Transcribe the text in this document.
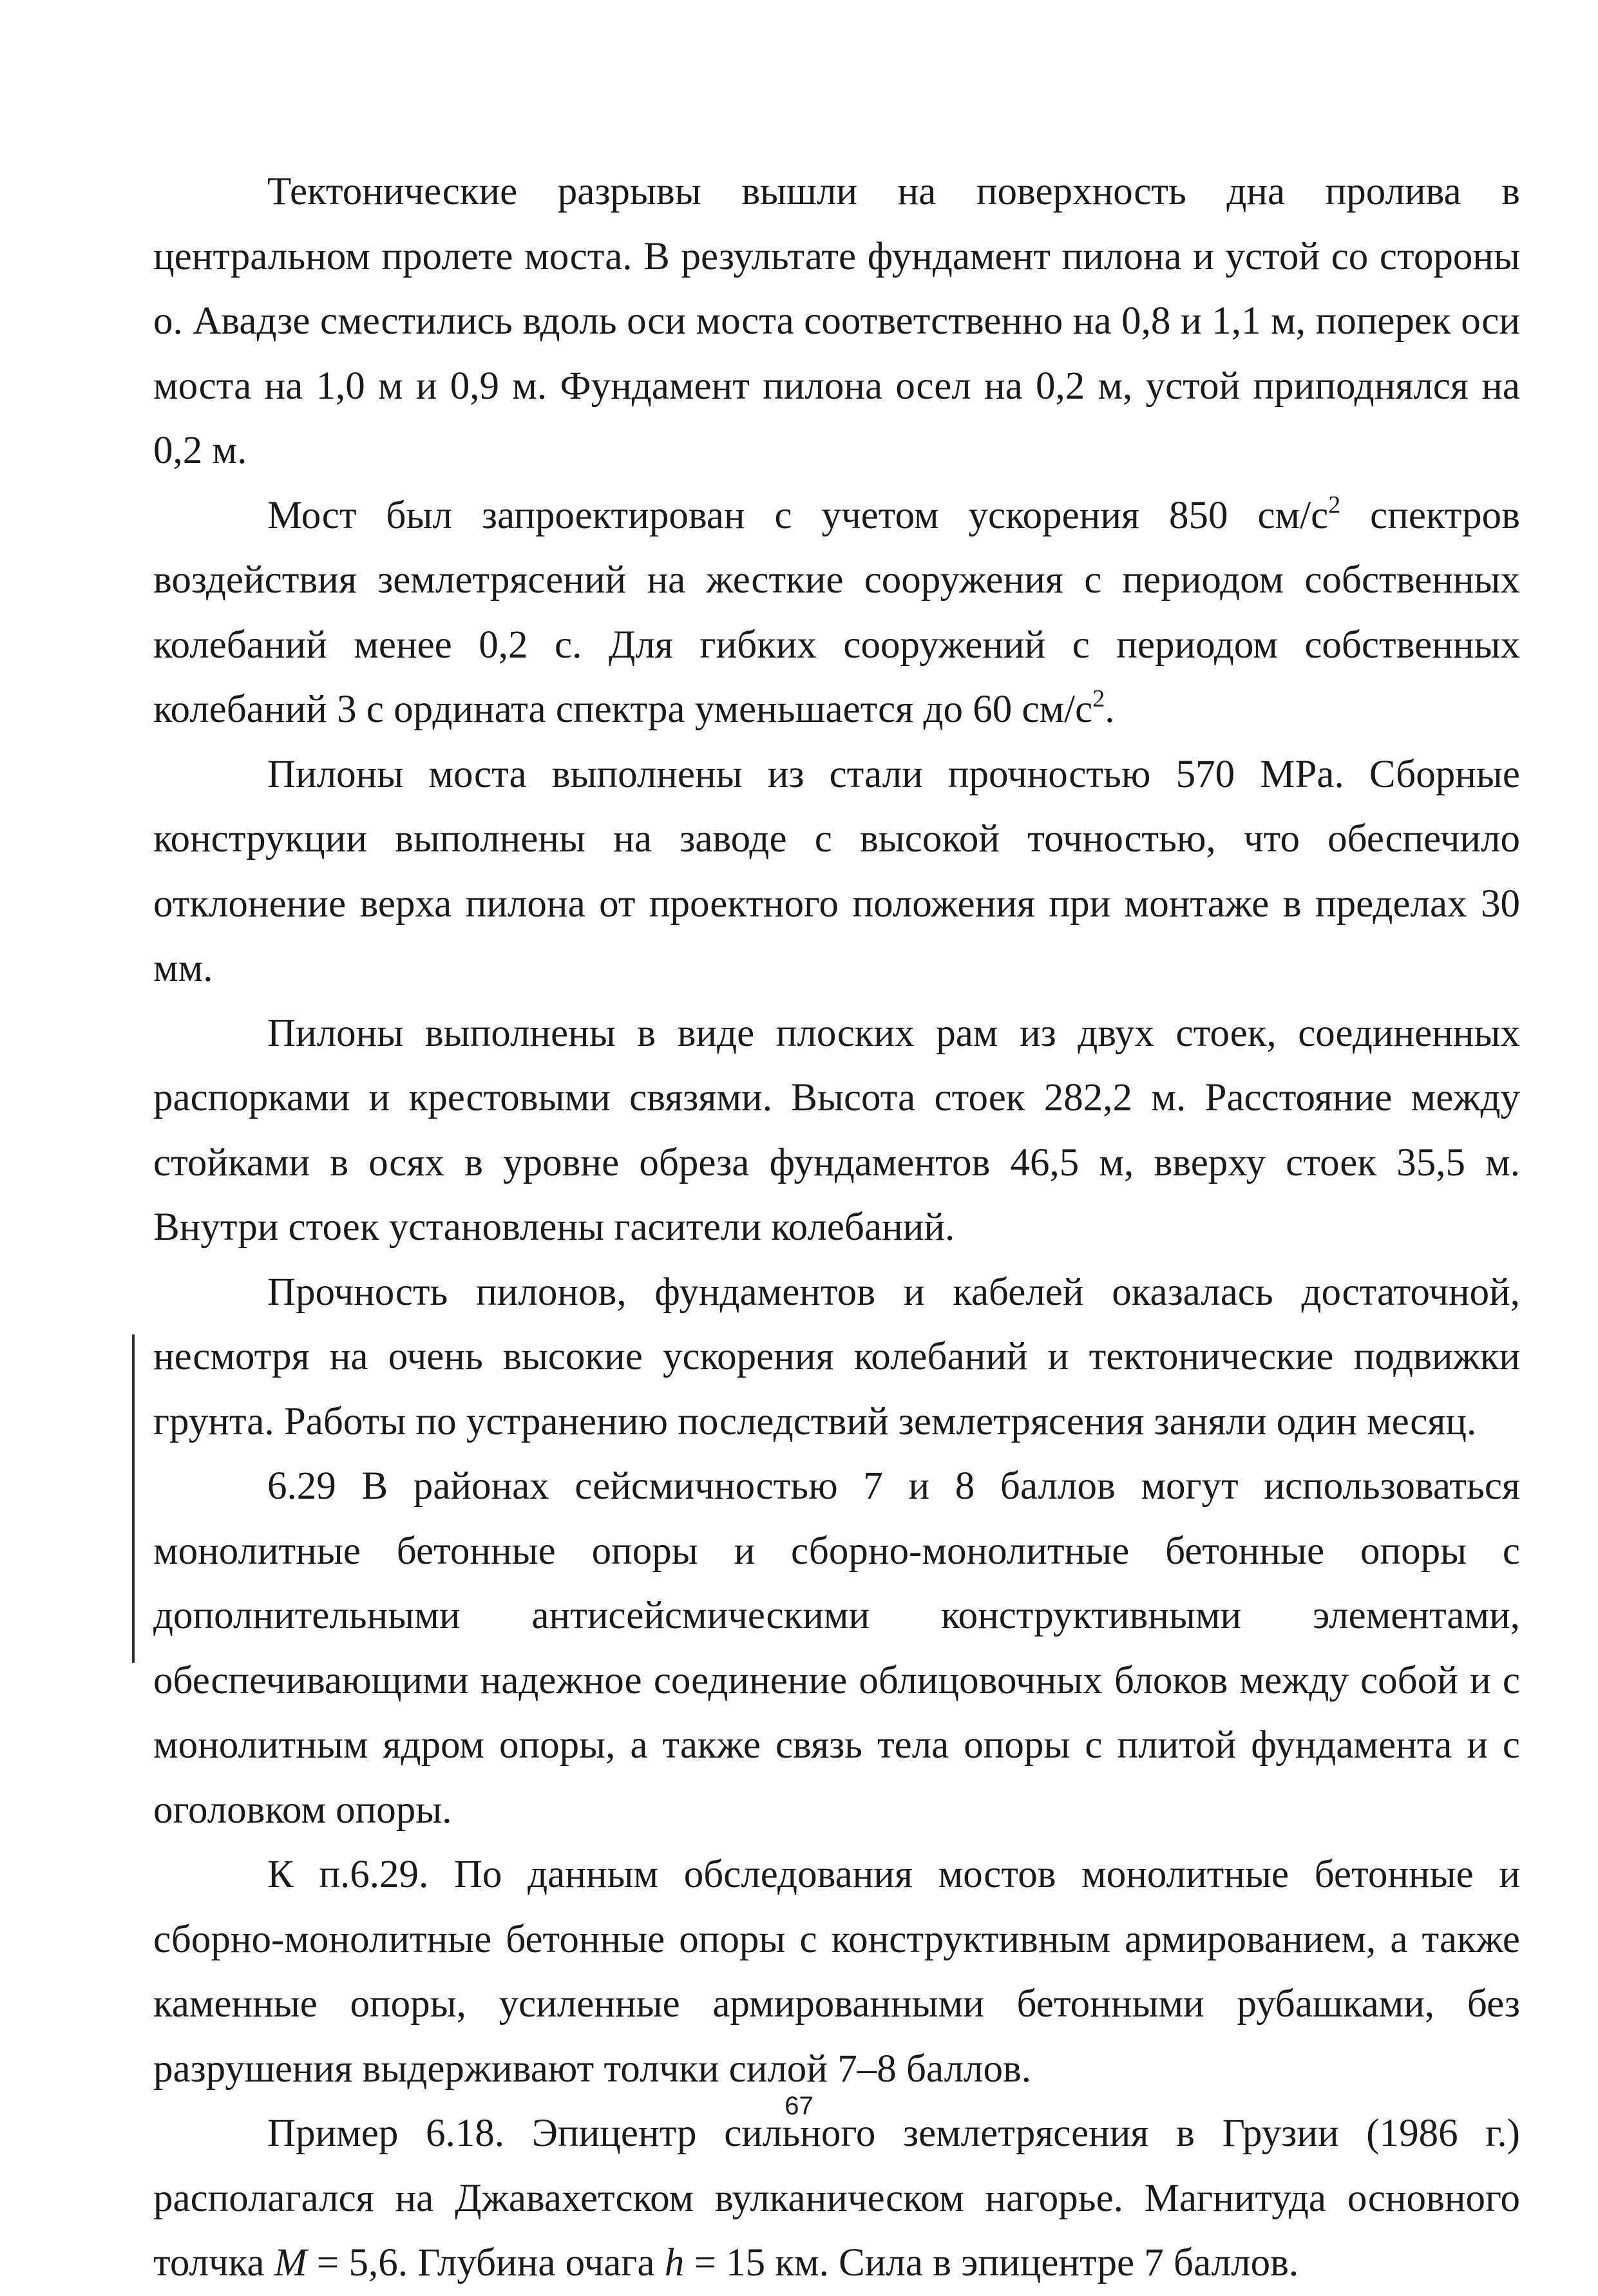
Тектонические разрывы вышли на поверхность дна пролива в центральном пролете моста. В результате фундамент пилона и устой со стороны о. Авадзе сместились вдоль оси моста соответственно на 0,8 и 1,1 м, поперек оси моста на 1,0 м и 0,9 м. Фундамент пилона осел на 0,2 м, устой приподнялся на 0,2 м.

Мост был запроектирован с учетом ускорения 850 $см/с^2$ спектров воздействия землетрясений на жесткие сооружения с периодом собственных колебаний менее 0,2 с. Для гибких сооружений с периодом собственных колебаний 3 с ордината спектра уменьшается до 60 $см/с^2$.

Пилоны моста выполнены из стали прочностью 570 MPa. Сборные конструкции выполнены на заводе с высокой точностью, что обеспечило отклонение верха пилона от проектного положения при монтаже в пределах 30 мм.

Пилоны выполнены в виде плоских рам из двух стоек, соединенных распорками и крестовыми связями. Высота стоек 282,2 м. Расстояние между стойками в осях в уровне обреза фундаментов 46,5 м, вверху стоек 35,5 м. Внутри стоек установлены гасители колебаний.

Прочность пилонов, фундаментов и кабелей оказалась достаточной, несмотря на очень высокие ускорения колебаний и тектонические подвижки грунта. Работы по устранению последствий землетрясения заняли один месяц.

6.29 В районах сейсмичностью 7 и 8 баллов могут использоваться монолитные бетонные опоры и сборно-монолитные бетонные опоры с дополнительными антисейсмическими конструктивными элементами, обеспечивающими надежное соединение облицовочных блоков между собой и с монолитным ядром опоры, а также связь тела опоры с плитой фундамента и с оголовком опоры.

К п.6.29. По данным обследования мостов монолитные бетонные и сборно-монолитные бетонные опоры с конструктивным армированием, а также каменные опоры, усиленные армированными бетонными рубашками, без разрушения выдерживают толчки силой 7–8 баллов.

Пример 6.18. Эпицентр сильного землетрясения в Грузии (1986 г.) располагался на Джавахетском вулканическом нагорье. Магнитуда основного толчка M = 5,6. Глубина очага h = 15 км. Сила в эпицентре 7 баллов.

67
